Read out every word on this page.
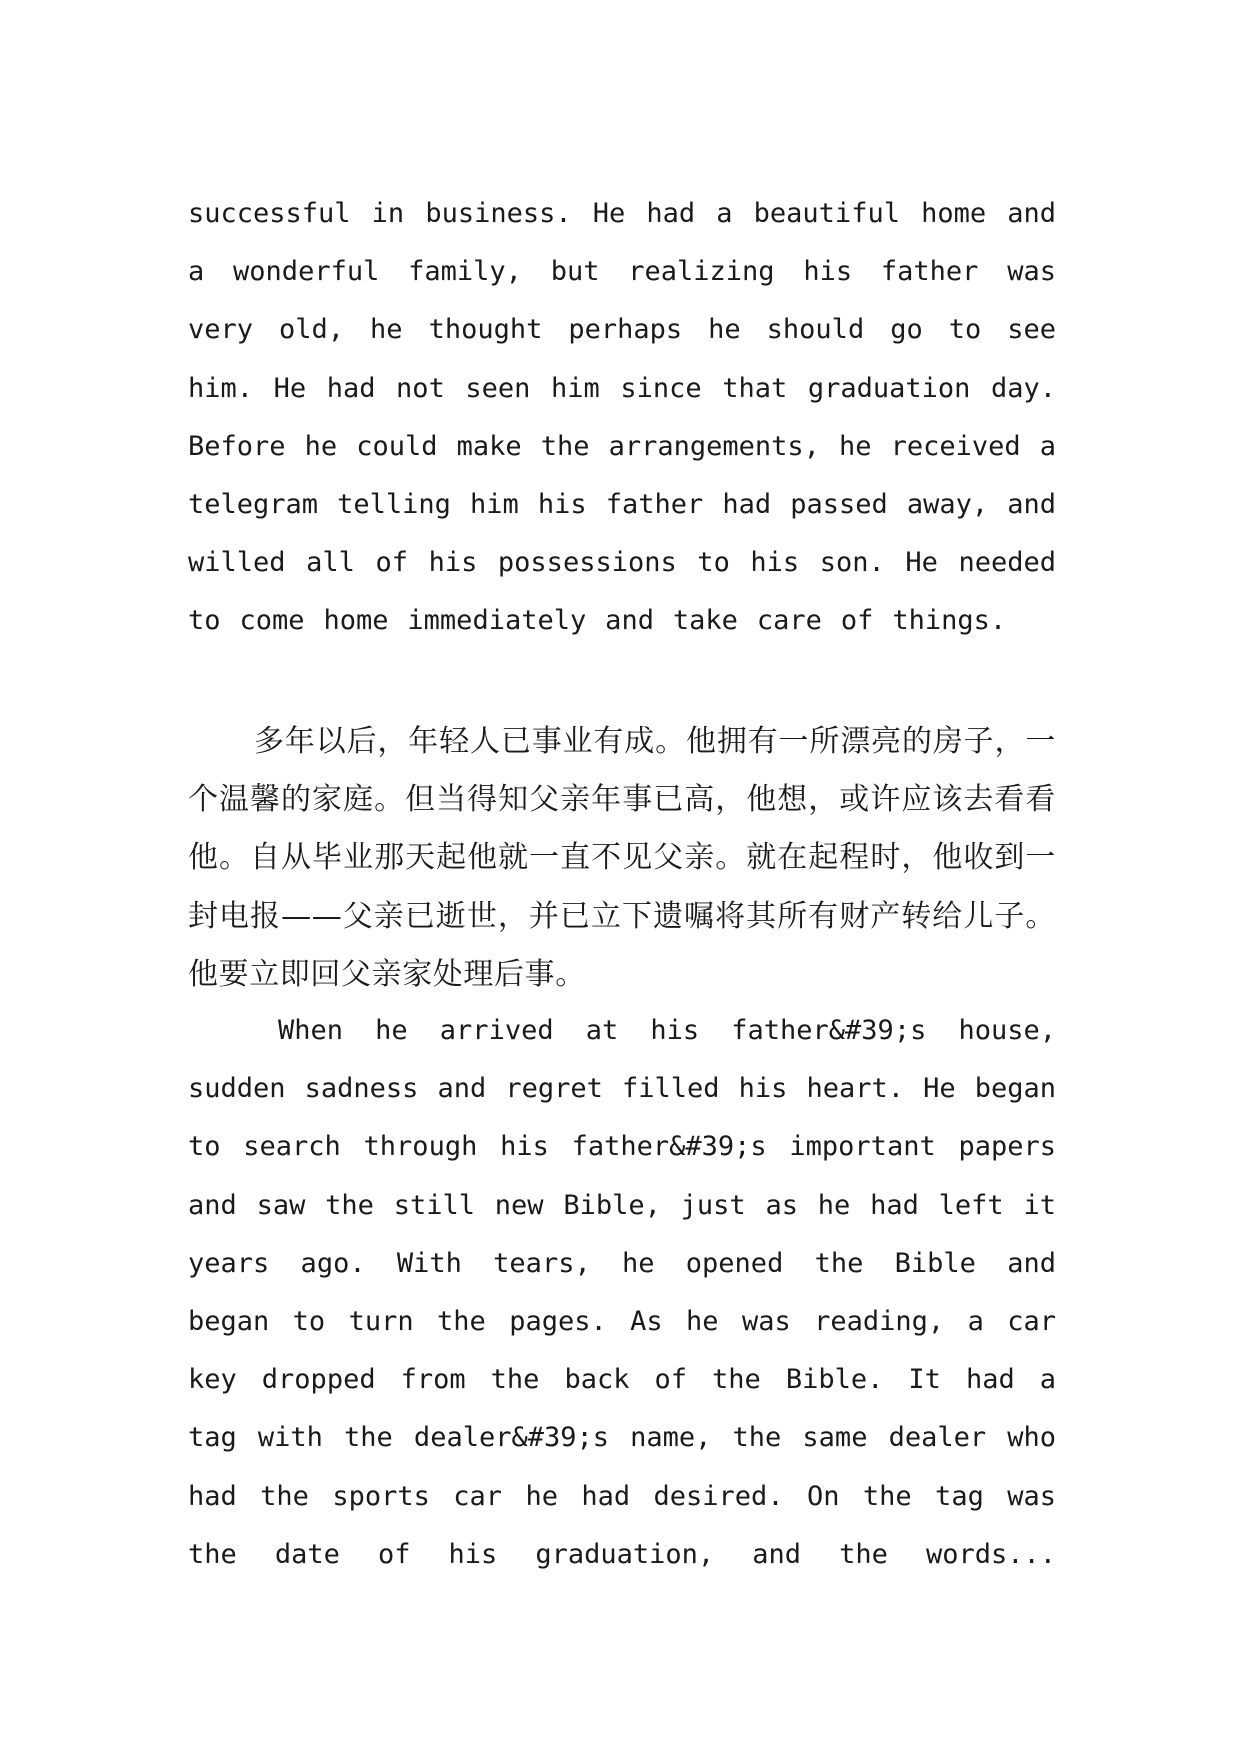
successful in business. He had a beautiful home and a wonderful family, but realizing his father was very old, he thought perhaps he should go to see him. He had not seen him since that graduation day. Before he could make the arrangements, he received a telegram telling him his father had passed away, and willed all of his possessions to his son. He needed to come home immediately and take care of things.

多年以后，年轻人已事业有成。他拥有一所漂亮的房子，一个温馨的家庭。但当得知父亲年事已高，他想，或许应该去看看他。自从毕业那天起他就一直不见父亲。就在起程时，他收到一封电报——父亲已逝世，并已立下遗嘱将其所有财产转给儿子。他要立即回父亲家处理后事。

When he arrived at his father&#39;s house, sudden sadness and regret filled his heart. He began to search through his father&#39;s important papers and saw the still new Bible, just as he had left it years ago. With tears, he opened the Bible and began to turn the pages. As he was reading, a car key dropped from the back of the Bible. It had a tag with the dealer&#39;s name, the same dealer who had the sports car he had desired. On the tag was the date of his graduation, and the words...
